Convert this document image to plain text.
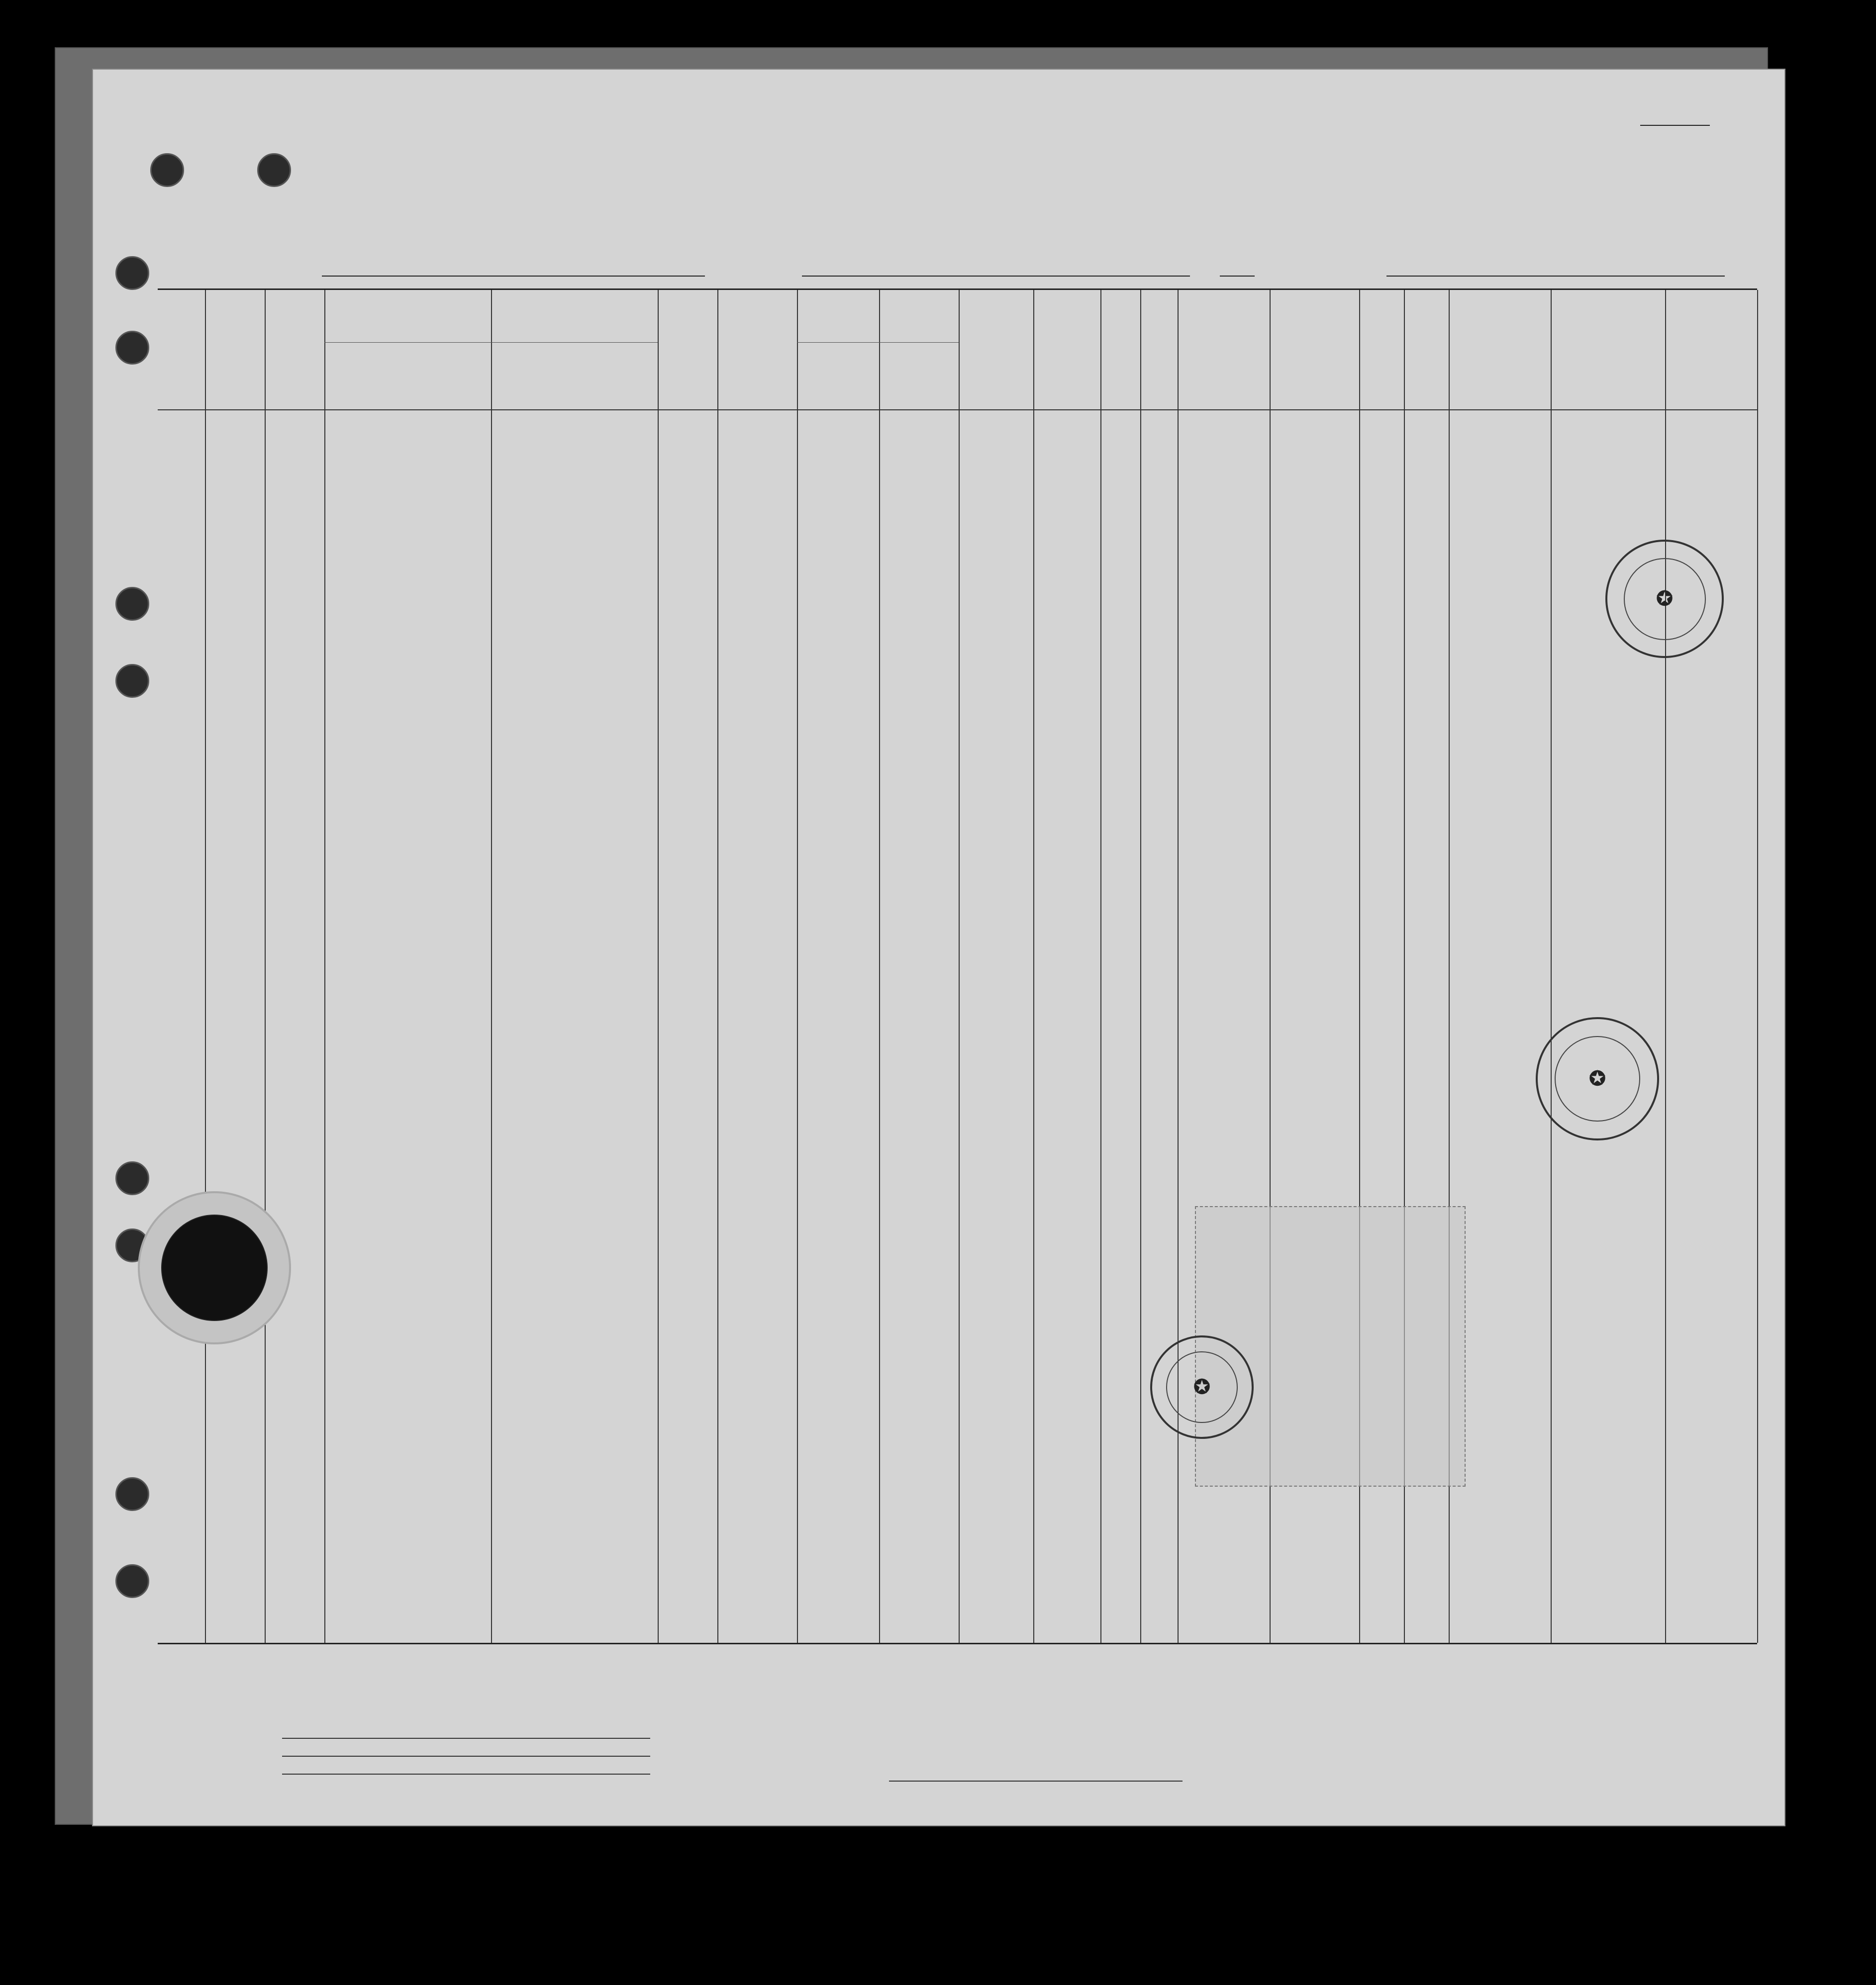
✪
✪
✪
